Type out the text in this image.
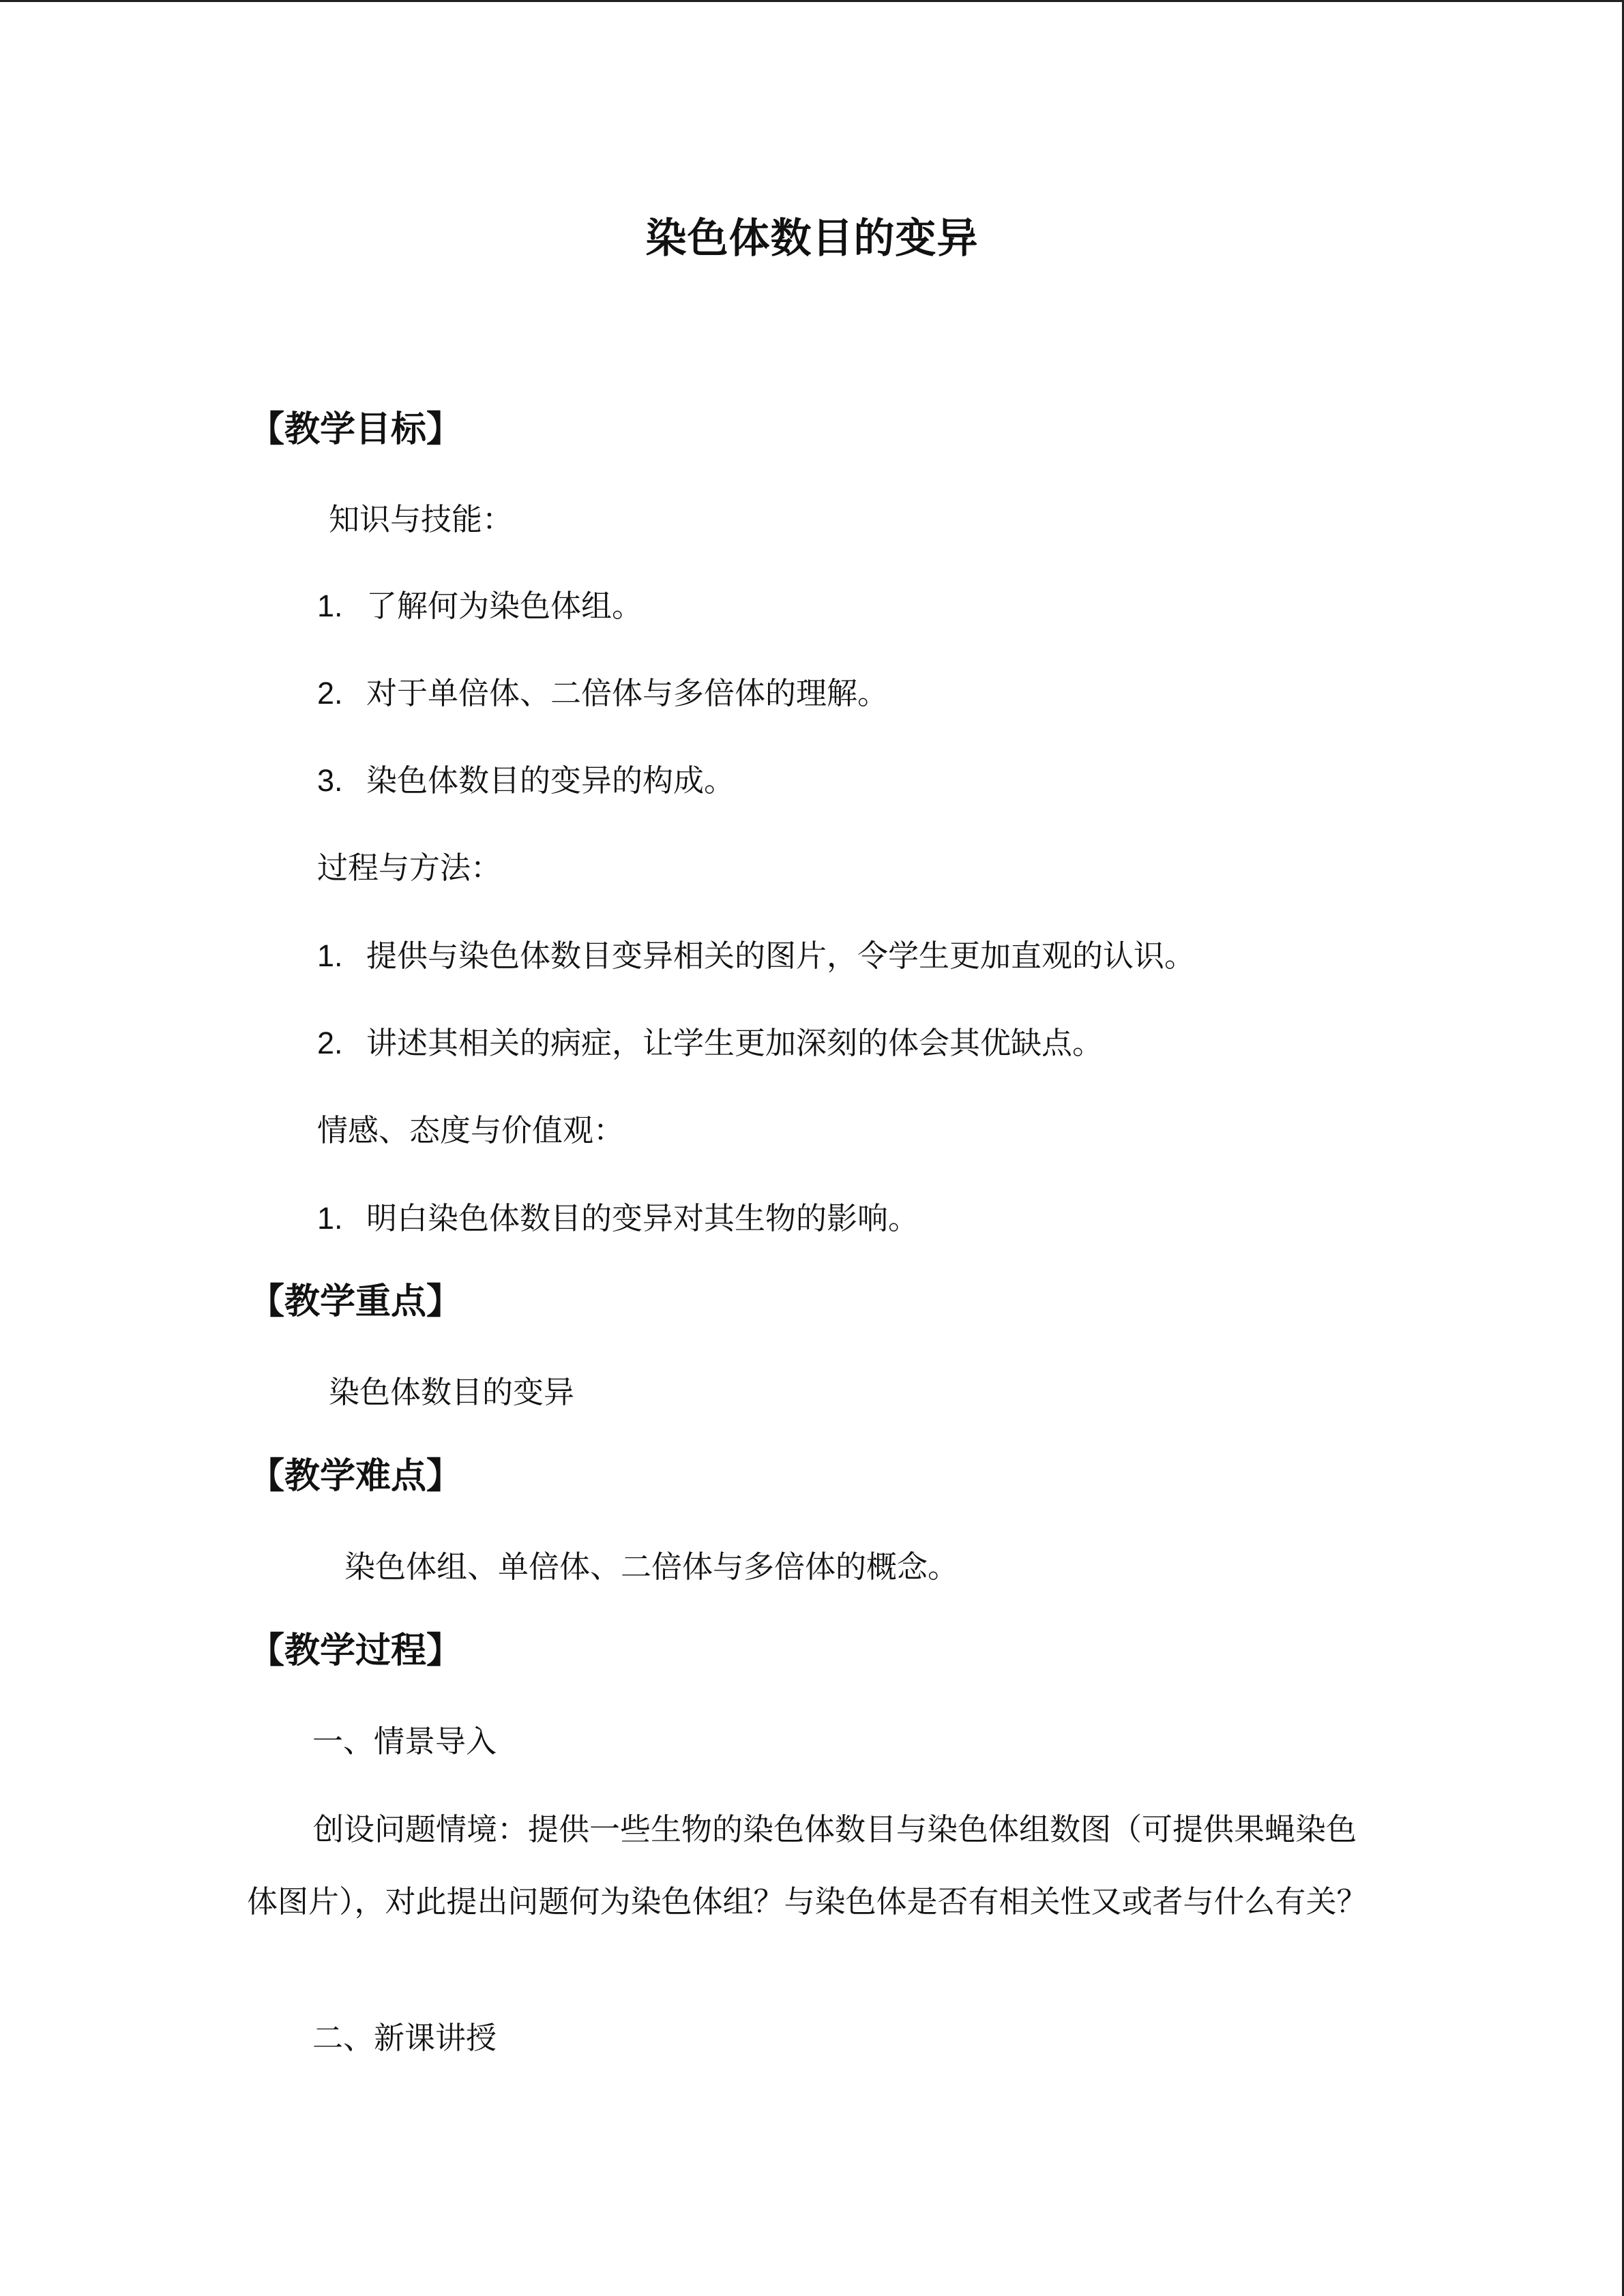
染色体数目的变异
【教学目标】
知识与技能：
1. 了解何为染色体组。
2. 对于单倍体、二倍体与多倍体的理解。
3. 染色体数目的变异的构成。
过程与方法：
1. 提供与染色体数目变异相关的图片，令学生更加直观的认识。
2. 讲述其相关的病症，让学生更加深刻的体会其优缺点。
情感、态度与价值观：
1. 明白染色体数目的变异对其生物的影响。
【教学重点】
染色体数目的变异
【教学难点】
染色体组、单倍体、二倍体与多倍体的概念。
【教学过程】
一、情景导入
创设问题情境：提供一些生物的染色体数目与染色体组数图（可提供果蝇染色体图片），对此提出问题何为染色体组？与染色体是否有相关性又或者与什么有关？
二、新课讲授
